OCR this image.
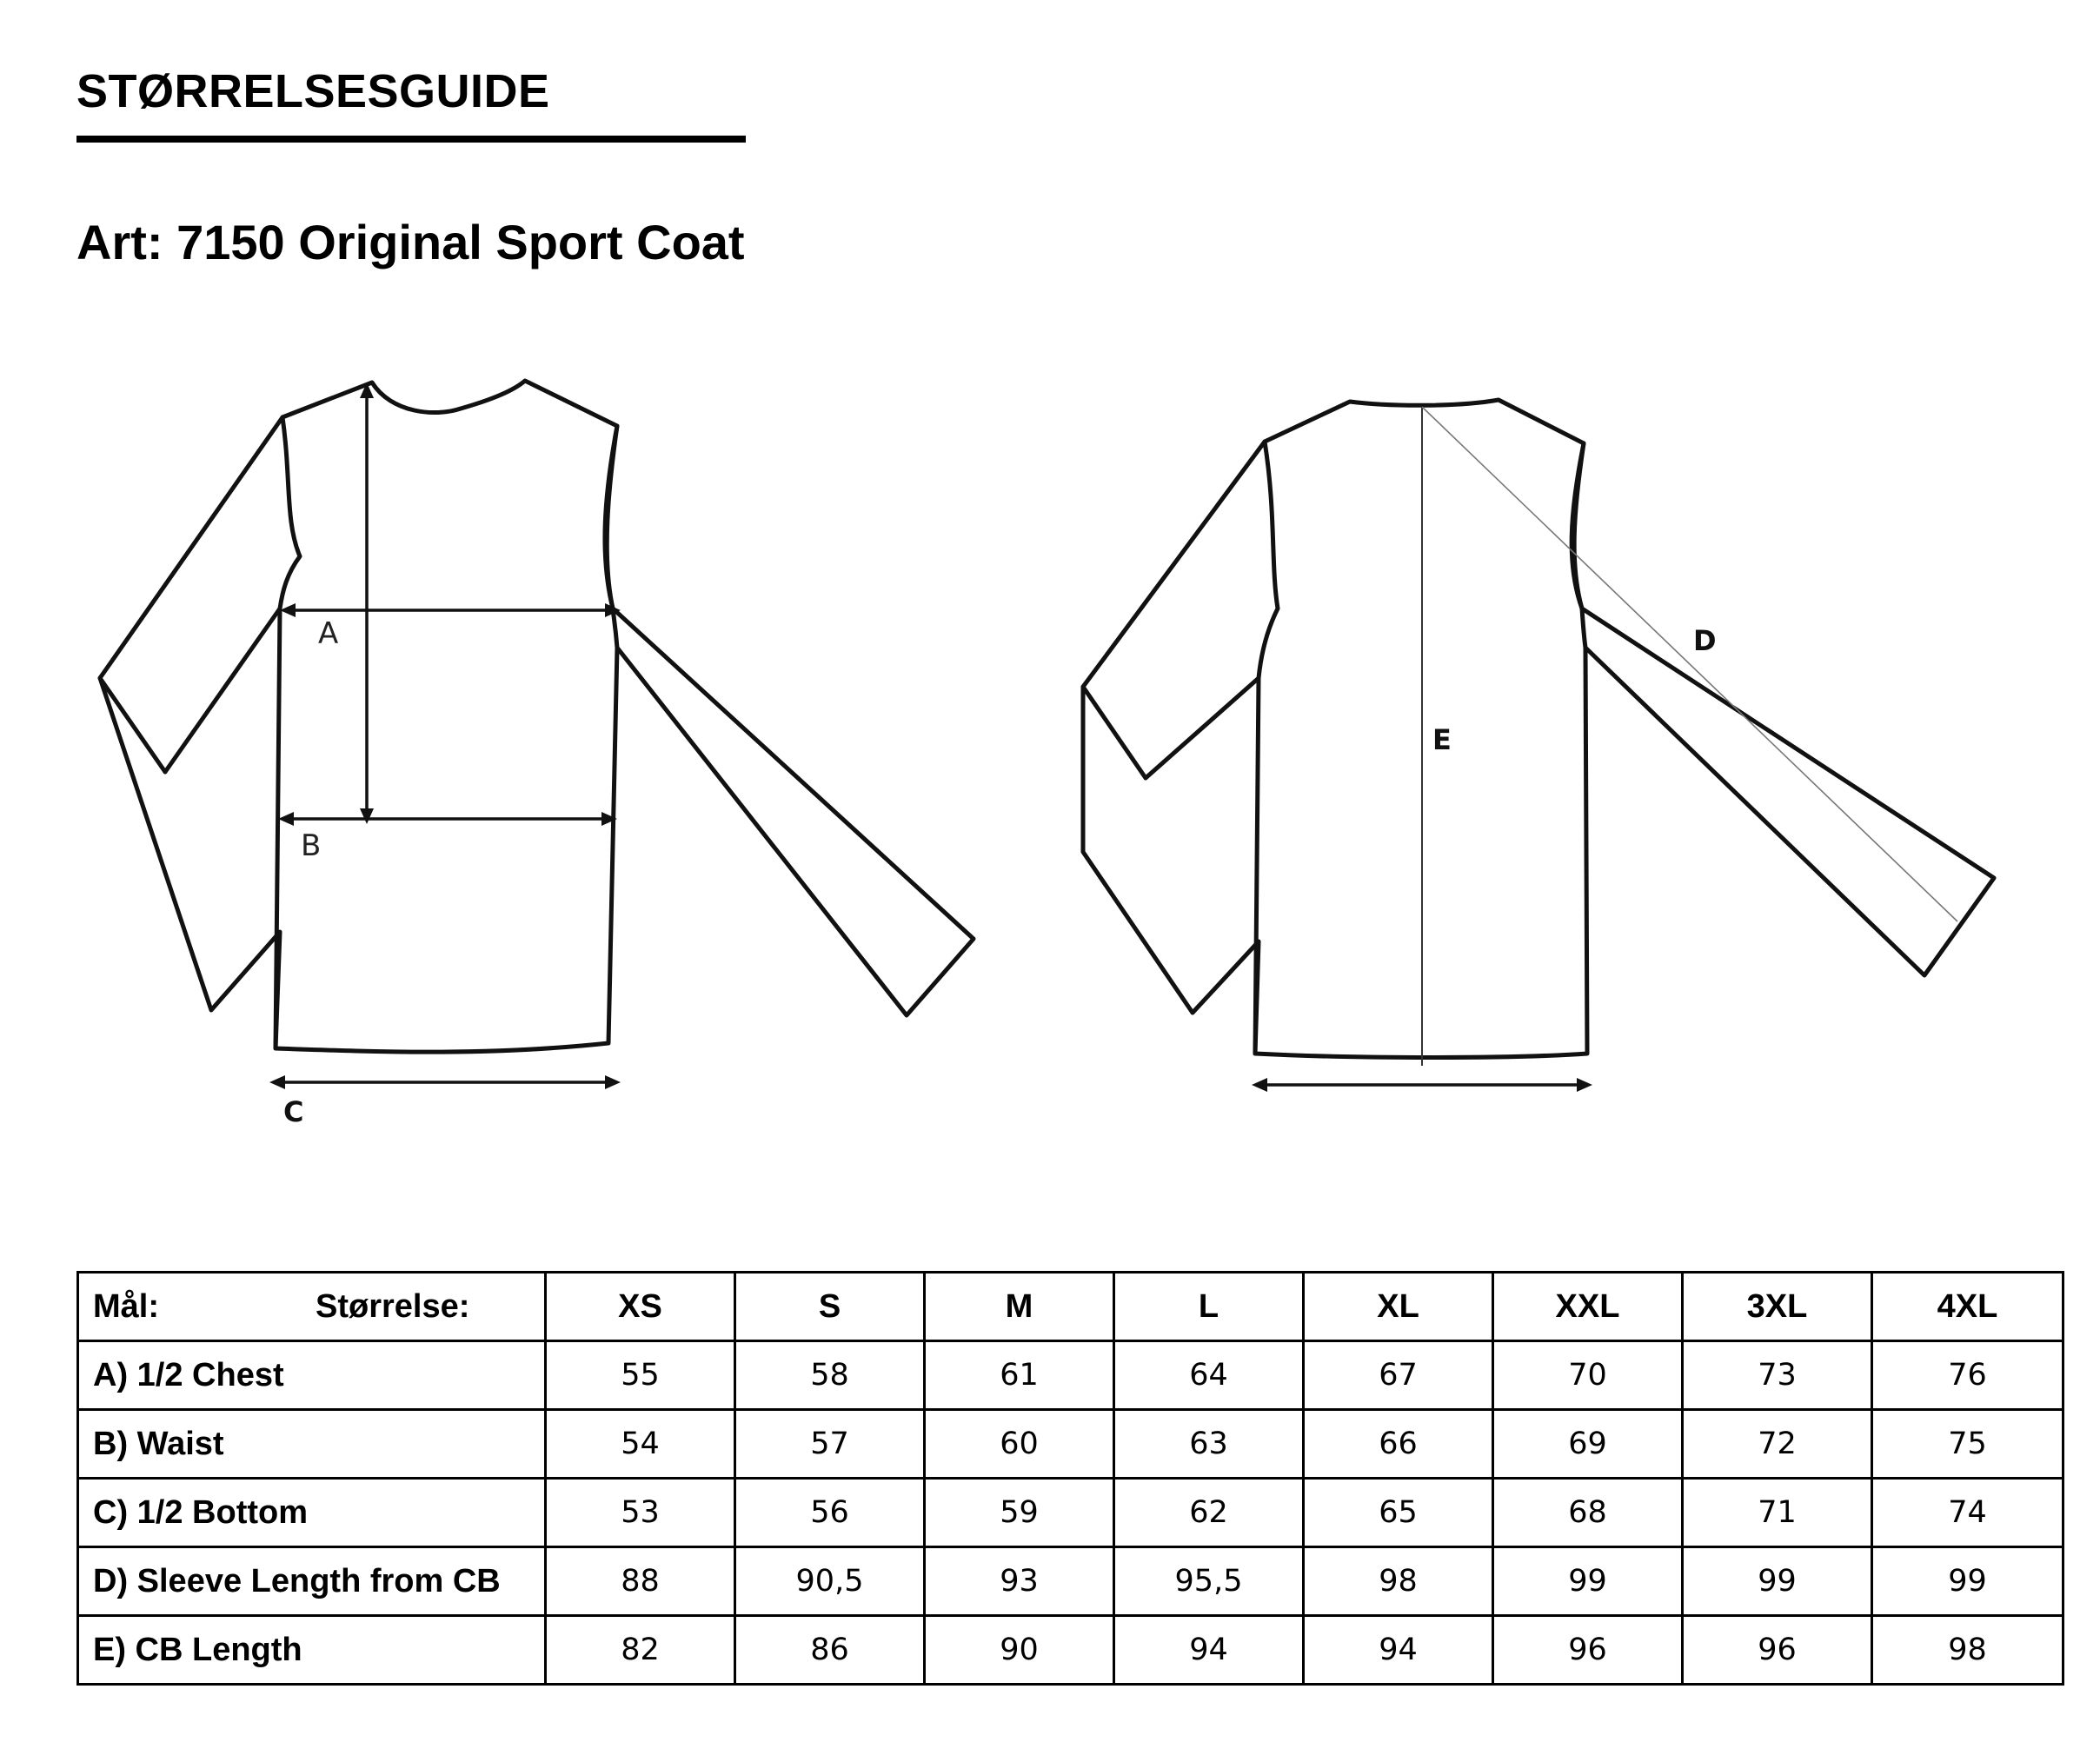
STØRRELSESGUIDE
Art: 7150 Original Sport Coat
A
B
C
E
D
Mål: Størrelse:	XS	S	M	L	XL	XXL	3XL	4XL
A) 1/2 Chest	55	58	61	64	67	70	73	76
B) Waist	54	57	60	63	66	69	72	75
C) 1/2 Bottom	53	56	59	62	65	68	71	74
D) Sleeve Length from CB	88	90,5	93	95,5	98	99	99	99
E) CB Length	82	86	90	94	94	96	96	98
